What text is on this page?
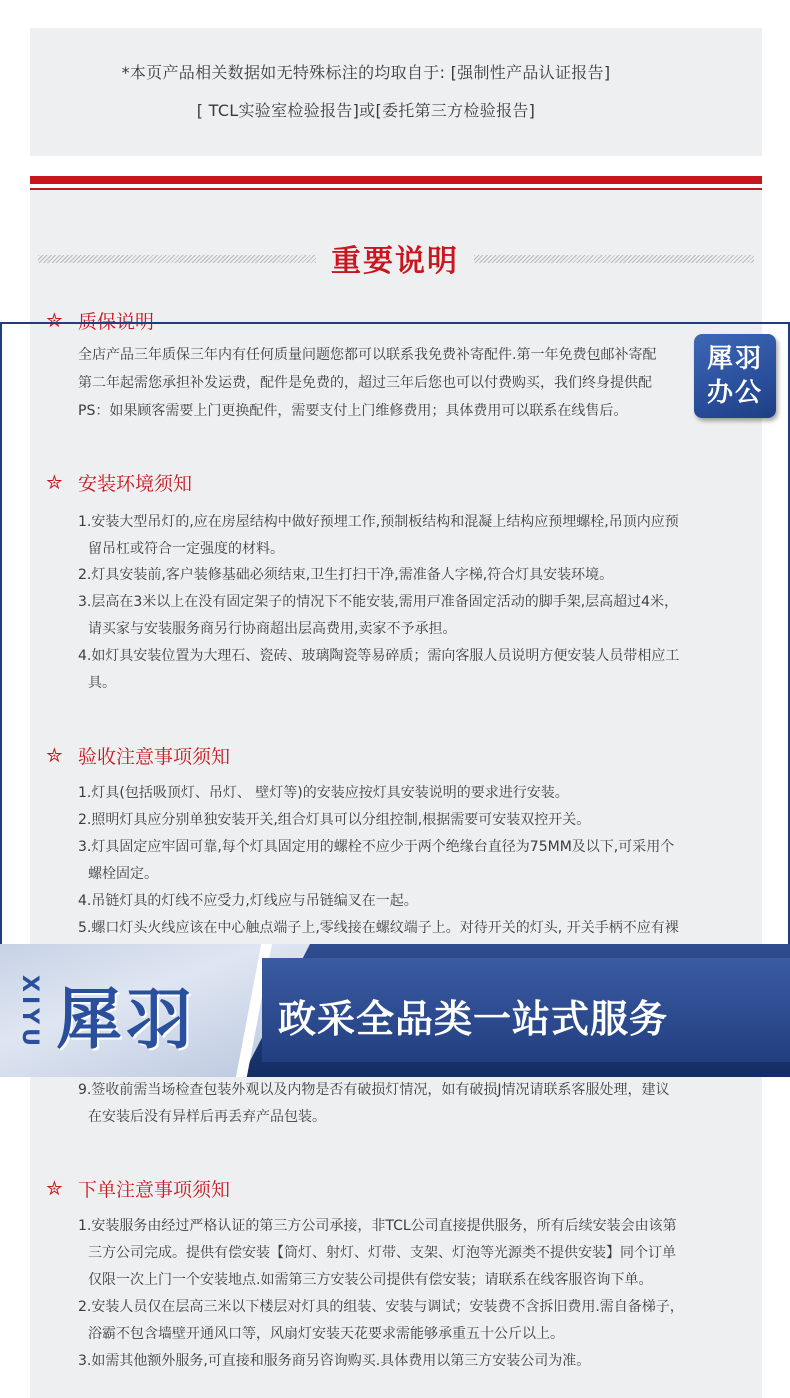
*本页产品相关数据如无特殊标注的均取自于: [强制性产品认证报告]
[ TCL实验室检验报告]或[委托第三方检验报告]
重要说明
✮ 质保说明
全店产品三年质保三年内有任何质量问题您都可以联系我免费补寄配件.第一年免费包邮补寄配
第二年起需您承担补发运费，配件是免费的，超过三年后您也可以付费购买，我们终身提供配
PS：如果顾客需要上门更换配件，需要支付上门维修费用；具体费用可以联系在线售后。
✮ 安装环境须知
1.安装大型吊灯的,应在房屋结构中做好预埋工作,预制板结构和混凝上结构应预埋螺栓,吊顶内应预
留吊杠或符合一定强度的材料。
2.灯具安装前,客户装修基础必须结束,卫生打扫干净,需准备人字梯,符合灯具安装环境。
3.层高在3米以上在没有固定架子的情况下不能安装,需用戸准备固定活动的脚手架,层高超过4米，
请买家与安装服务商另行协商超出层高费用,卖家不予承担。
4.如灯具安装位置为大理石、瓷砖、玻璃陶瓷等易碎质；需向客服人员说明方便安装人员带相应工
具。
✮ 验收注意事项须知
1.灯具(包括吸顶灯、吊灯、 壁灯等)的安装应按灯具安装说明的要求进行安装。
2.照明灯具应分别单独安装开关,组合灯具可以分组控制,根据需要可安装双控开关。
3.灯具固定应牢固可靠,每个灯具固定用的螺栓不应少于两个绝缘台直径为75MM及以下,可采用个
螺栓固定。
4.吊链灯具的灯线不应受力,灯线应与吊链编叉在一起。
5.螺口灯头火线应该在中心触点端子上,零线接在螺纹端子上。对待开关的灯头, 开关手柄不应有裸
9.签收前需当场检查包装外观以及内物是否有破损灯情况，如有破损J情况请联系客服处理，建议
在安装后没有异样后再丢弃产品包装。
✮ 下单注意事项须知
1.安装服务由经过严格认证的第三方公司承接，非TCL公司直接提供服务，所有后续安装会由该第
三方公司完成。提供有偿安装【筒灯、射灯、灯带、支架、灯泡等光源类不提供安装】同个订单
仅限一次上门一个安装地点.如需第三方安装公司提供有偿安装；请联系在线客服咨询下单。
2.安装人员仅在层高三米以下楼层对灯具的组装、安装与调试；安装费不含拆旧费用.需自备梯子，
浴霸不包含墙壁开通风口等，风扇灯安装天花要求需能够承重五十公斤以上。
3.如需其他额外服务,可直接和服务商另咨询购买.具体费用以第三方安装公司为准。
犀羽
办公
XIYU 犀羽 政采全品类一站式服务
